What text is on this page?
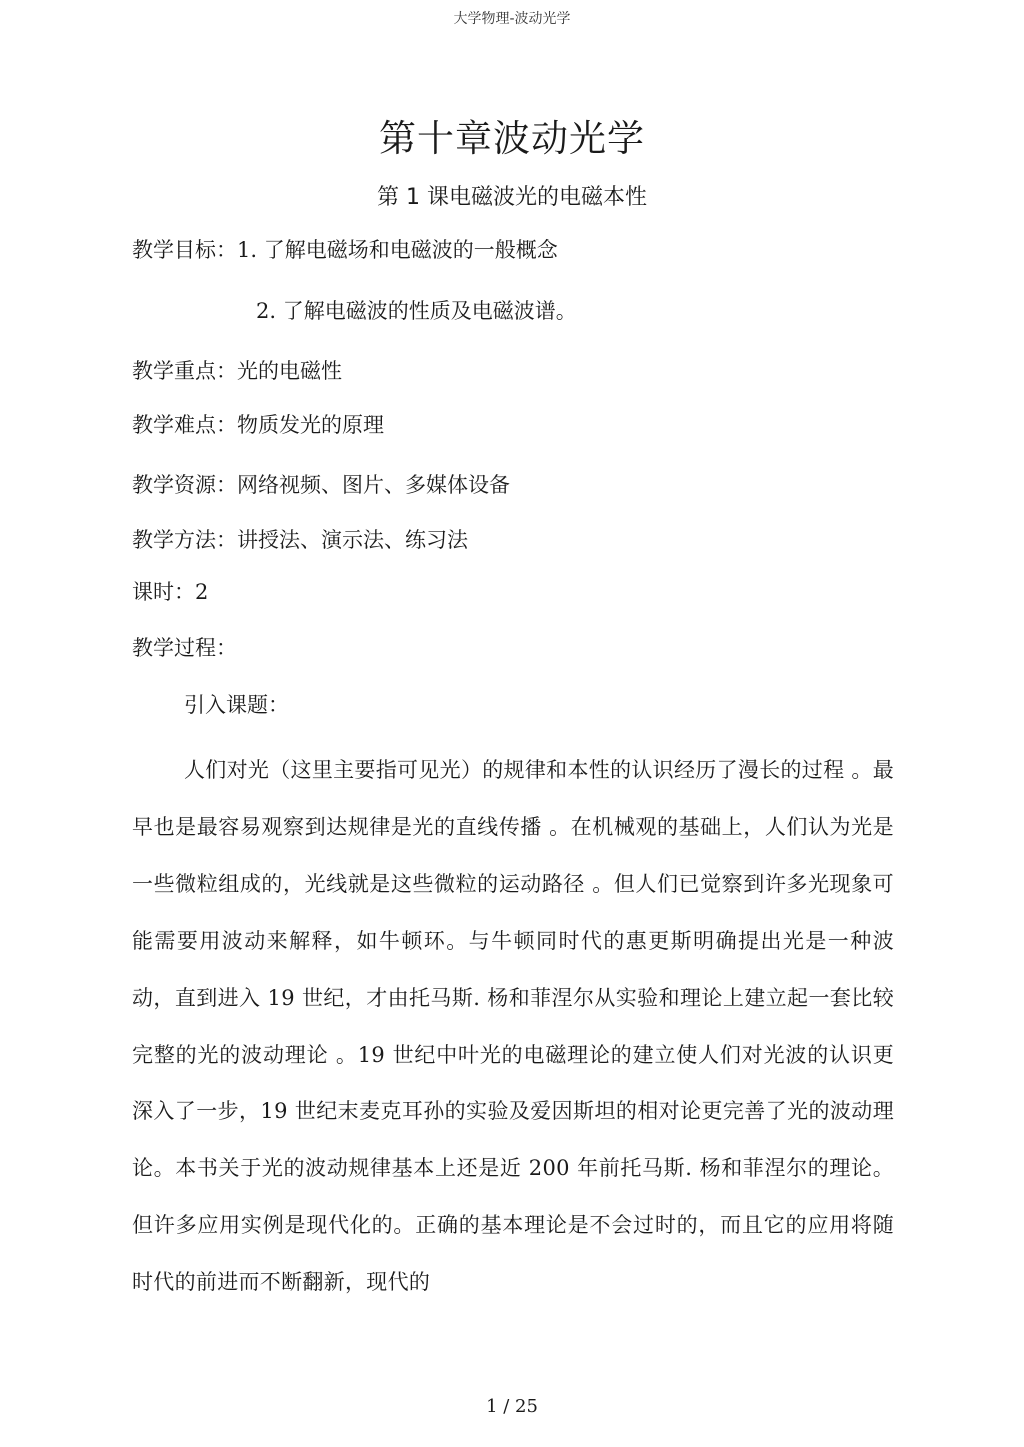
大学物理-波动光学
第十章波动光学
第 1 课电磁波光的电磁本性
教学目标：1. 了解电磁场和电磁波的一般概念
2. 了解电磁波的性质及电磁波谱。
教学重点：光的电磁性
教学难点：物质发光的原理
教学资源：网络视频、图片、多媒体设备
教学方法：讲授法、演示法、练习法
课时：2
教学过程：
引入课题：

人们对光（这里主要指可见光）的规律和本性的认识经历了漫长的过程 。最早也是最容易观察到达规律是光的直线传播 。在机械观的基础上，人们认为光是一些微粒组成的，光线就是这些微粒的运动路径 。但人们已觉察到许多光现象可能需要用波动来解释，如牛顿环。与牛顿同时代的惠更斯明确提出光是一种波动，直到进入 19 世纪，才由托马斯. 杨和菲涅尔从实验和理论上建立起一套比较完整的光的波动理论 。19 世纪中叶光的电磁理论的建立使人们对光波的认识更深入了一步，19 世纪末麦克耳孙的实验及爱因斯坦的相对论更完善了光的波动理论。本书关于光的波动规律基本上还是近 200 年前托马斯. 杨和菲涅尔的理论。但许多应用实例是现代化的。正确的基本理论是不会过时的，而且它的应用将随时代的前进而不断翻新，现代的

1 / 25
